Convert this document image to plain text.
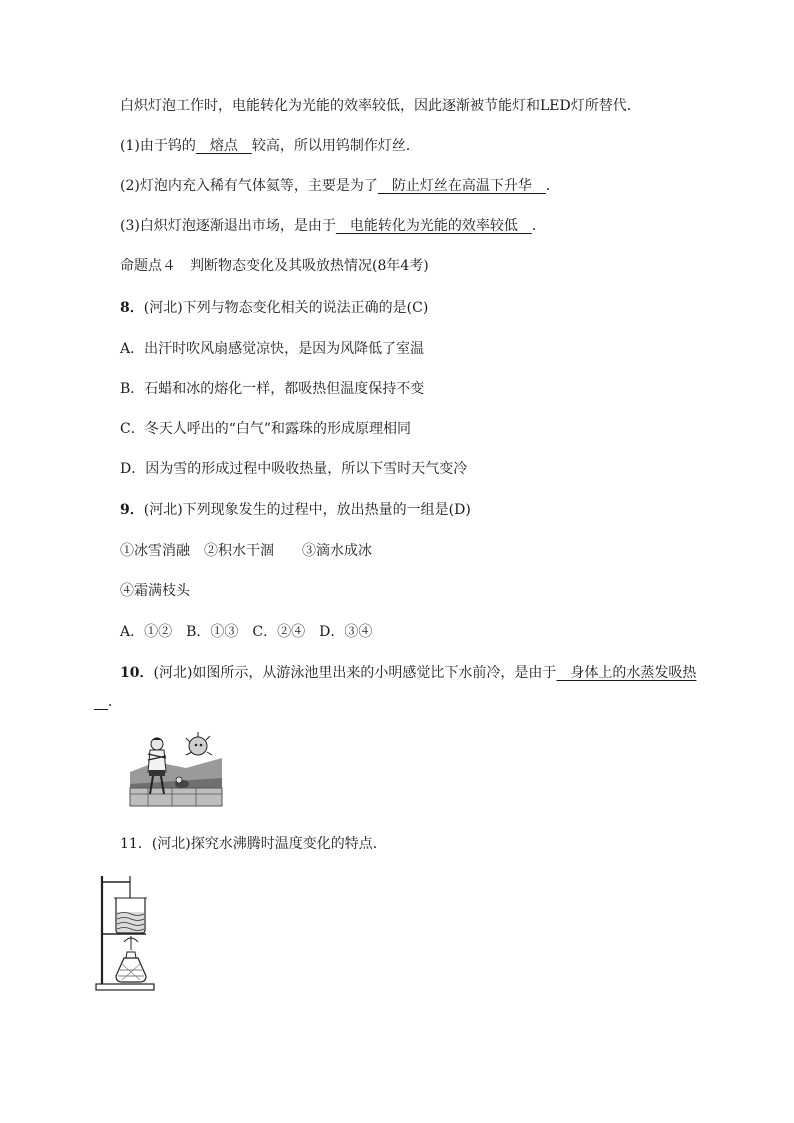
白炽灯泡工作时，电能转化为光能的效率较低，因此逐渐被节能灯和LED灯所替代．
(1)由于钨的　熔点　较高，所以用钨制作灯丝．
(2)灯泡内充入稀有气体氦等，主要是为了　防止灯丝在高温下升华　．
(3)白炽灯泡逐渐退出市场，是由于　电能转化为光能的效率较低　．
命题点４　判断物态变化及其吸放热情况(8年4考)
8．(河北)下列与物态变化相关的说法正确的是(C)
A．出汗时吹风扇感觉凉快，是因为风降低了室温
B．石蜡和冰的熔化一样，都吸热但温度保持不变
C．冬天人呼出的“白气”和露珠的形成原理相同
D．因为雪的形成过程中吸收热量，所以下雪时天气变冷
9．(河北)下列现象发生的过程中，放出热量的一组是(D)
①冰雪消融　②积水干涸　　③滴水成冰
④霜满枝头
A．①②　B．①③　C．②④　D．③④
10．(河北)如图所示，从游泳池里出来的小明感觉比下水前冷，是由于　身体上的水蒸发吸热
　．
11．(河北)探究水沸腾时温度变化的特点．
